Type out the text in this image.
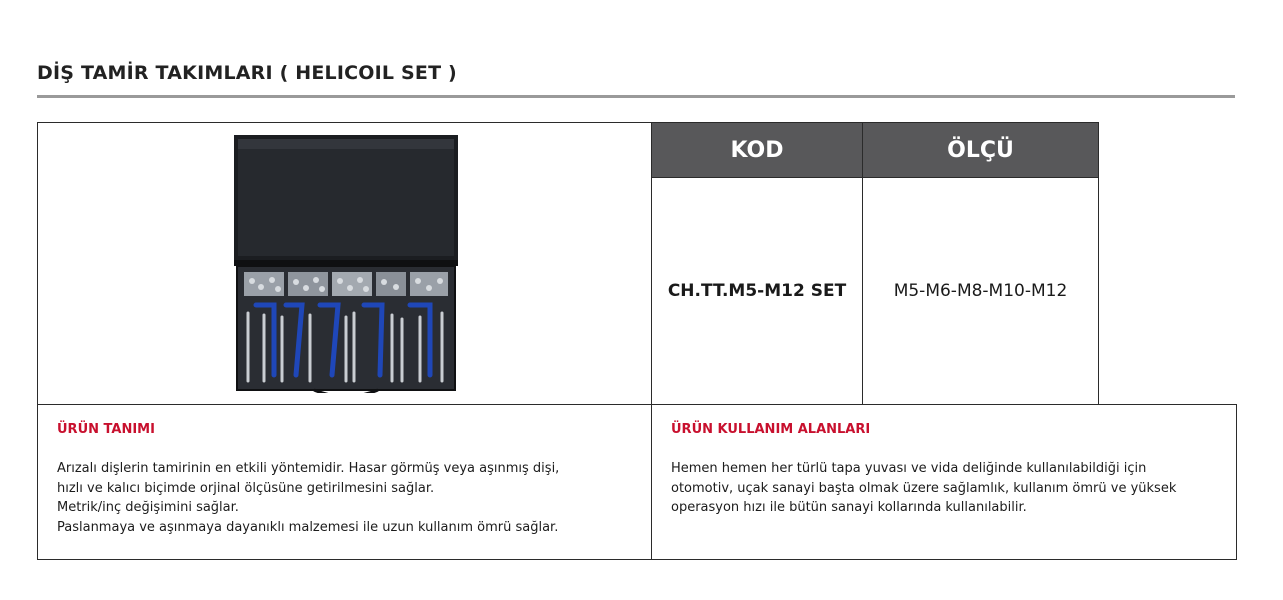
DİŞ TAMİR TAKIMLARI ( HELICOIL SET )
KOD	ÖLÇÜ
CH.TT.M5-M12 SET	M5-M6-M8-M10-M12
ÜRÜN TANIMI
Arızalı dişlerin tamirinin en etkili yöntemidir. Hasar görmüş veya aşınmış dişi,
hızlı ve kalıcı biçimde orjinal ölçüsüne getirilmesini sağlar.
Metrik/inç değişimini sağlar.
Paslanmaya ve aşınmaya dayanıklı malzemesi ile uzun kullanım ömrü sağlar.
ÜRÜN KULLANIM ALANLARI
Hemen hemen her türlü tapa yuvası ve vida deliğinde kullanılabildiği için
otomotiv, uçak sanayi başta olmak üzere sağlamlık, kullanım ömrü ve yüksek
operasyon hızı ile bütün sanayi kollarında kullanılabilir.
